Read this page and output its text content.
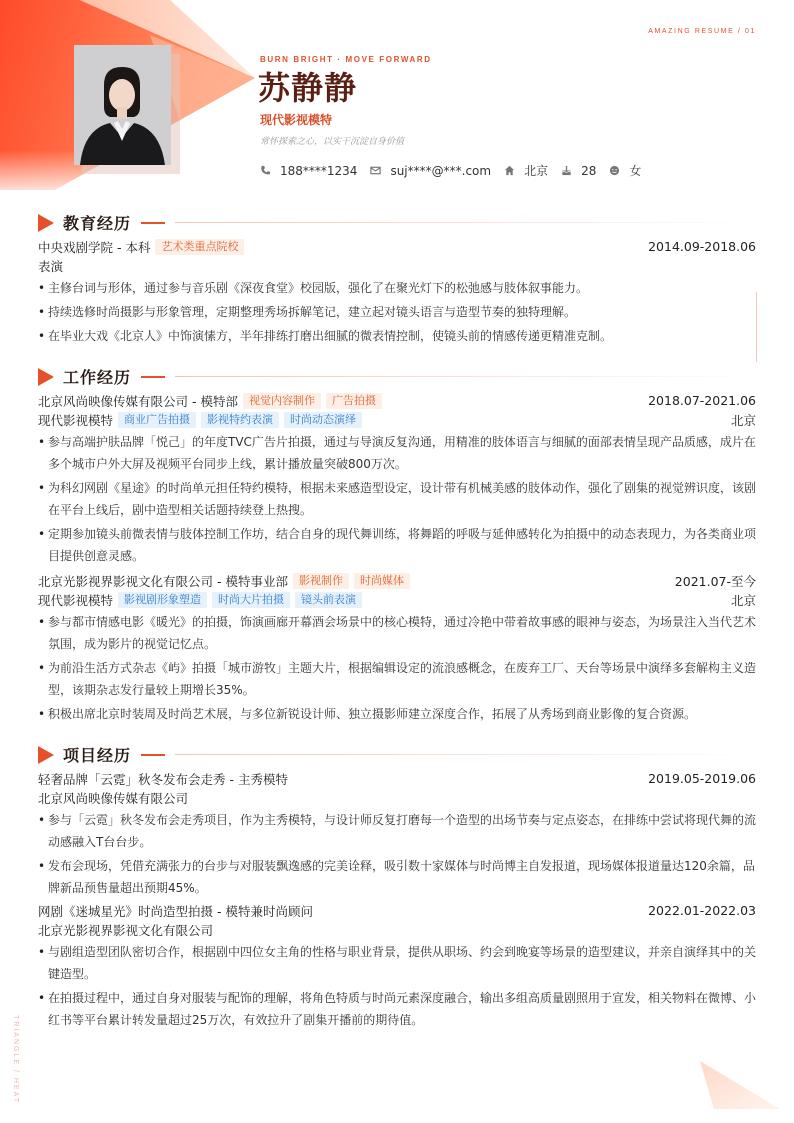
AMAZING RESUME / 01
TRIANGLE / HEAT
BURN BRIGHT · MOVE FORWARD
苏静静
现代影视模特
常怀探索之心，以实干沉淀自身价值
188****1234	suj****@***.com	北京	28	女
教育经历
中央戏剧学院 - 本科	艺术类重点院校	2014.09-2018.06
表演
• 主修台词与形体，通过参与音乐剧《深夜食堂》校园版，强化了在聚光灯下的松弛感与肢体叙事能力。
• 持续选修时尚摄影与形象管理，定期整理秀场拆解笔记，建立起对镜头语言与造型节奏的独特理解。
• 在毕业大戏《北京人》中饰演愫方，半年排练打磨出细腻的微表情控制，使镜头前的情感传递更精准克制。
工作经历
北京风尚映像传媒有限公司 - 模特部	视觉内容制作	广告拍摄	2018.07-2021.06
现代影视模特	商业广告拍摄	影视特约表演	时尚动态演绎	北京
• 参与高端护肤品牌「悦己」的年度TVC广告片拍摄，通过与导演反复沟通，用精准的肢体语言与细腻的面部表情呈现产品质感，成片在多个城市户外大屏及视频平台同步上线，累计播放量突破800万次。
• 为科幻网剧《星途》的时尚单元担任特约模特，根据未来感造型设定，设计带有机械美感的肢体动作，强化了剧集的视觉辨识度，该剧在平台上线后，剧中造型相关话题持续登上热搜。
• 定期参加镜头前微表情与肢体控制工作坊，结合自身的现代舞训练，将舞蹈的呼吸与延伸感转化为拍摄中的动态表现力，为各类商业项目提供创意灵感。
北京光影视界影视文化有限公司 - 模特事业部	影视制作	时尚媒体	2021.07-至今
现代影视模特	影视剧形象塑造	时尚大片拍摄	镜头前表演	北京
• 参与都市情感电影《暖光》的拍摄，饰演画廊开幕酒会场景中的核心模特，通过冷艳中带着故事感的眼神与姿态，为场景注入当代艺术氛围，成为影片的视觉记忆点。
• 为前沿生活方式杂志《屿》拍摄「城市游牧」主题大片，根据编辑设定的流浪感概念，在废弃工厂、天台等场景中演绎多套解构主义造型，该期杂志发行量较上期增长35%。
• 积极出席北京时装周及时尚艺术展，与多位新锐设计师、独立摄影师建立深度合作，拓展了从秀场到商业影像的复合资源。
项目经历
轻奢品牌「云霓」秋冬发布会走秀 - 主秀模特	2019.05-2019.06
北京风尚映像传媒有限公司
• 参与「云霓」秋冬发布会走秀项目，作为主秀模特，与设计师反复打磨每一个造型的出场节奏与定点姿态，在排练中尝试将现代舞的流动感融入T台台步。
• 发布会现场，凭借充满张力的台步与对服装飘逸感的完美诠释，吸引数十家媒体与时尚博主自发报道，现场媒体报道量达120余篇，品牌新品预售量超出预期45%。
网剧《迷城星光》时尚造型拍摄 - 模特兼时尚顾问	2022.01-2022.03
北京光影视界影视文化有限公司
• 与剧组造型团队密切合作，根据剧中四位女主角的性格与职业背景，提供从职场、约会到晚宴等场景的造型建议，并亲自演绎其中的关键造型。
• 在拍摄过程中，通过自身对服装与配饰的理解，将角色特质与时尚元素深度融合，输出多组高质量剧照用于宣发，相关物料在微博、小红书等平台累计转发量超过25万次，有效拉升了剧集开播前的期待值。
